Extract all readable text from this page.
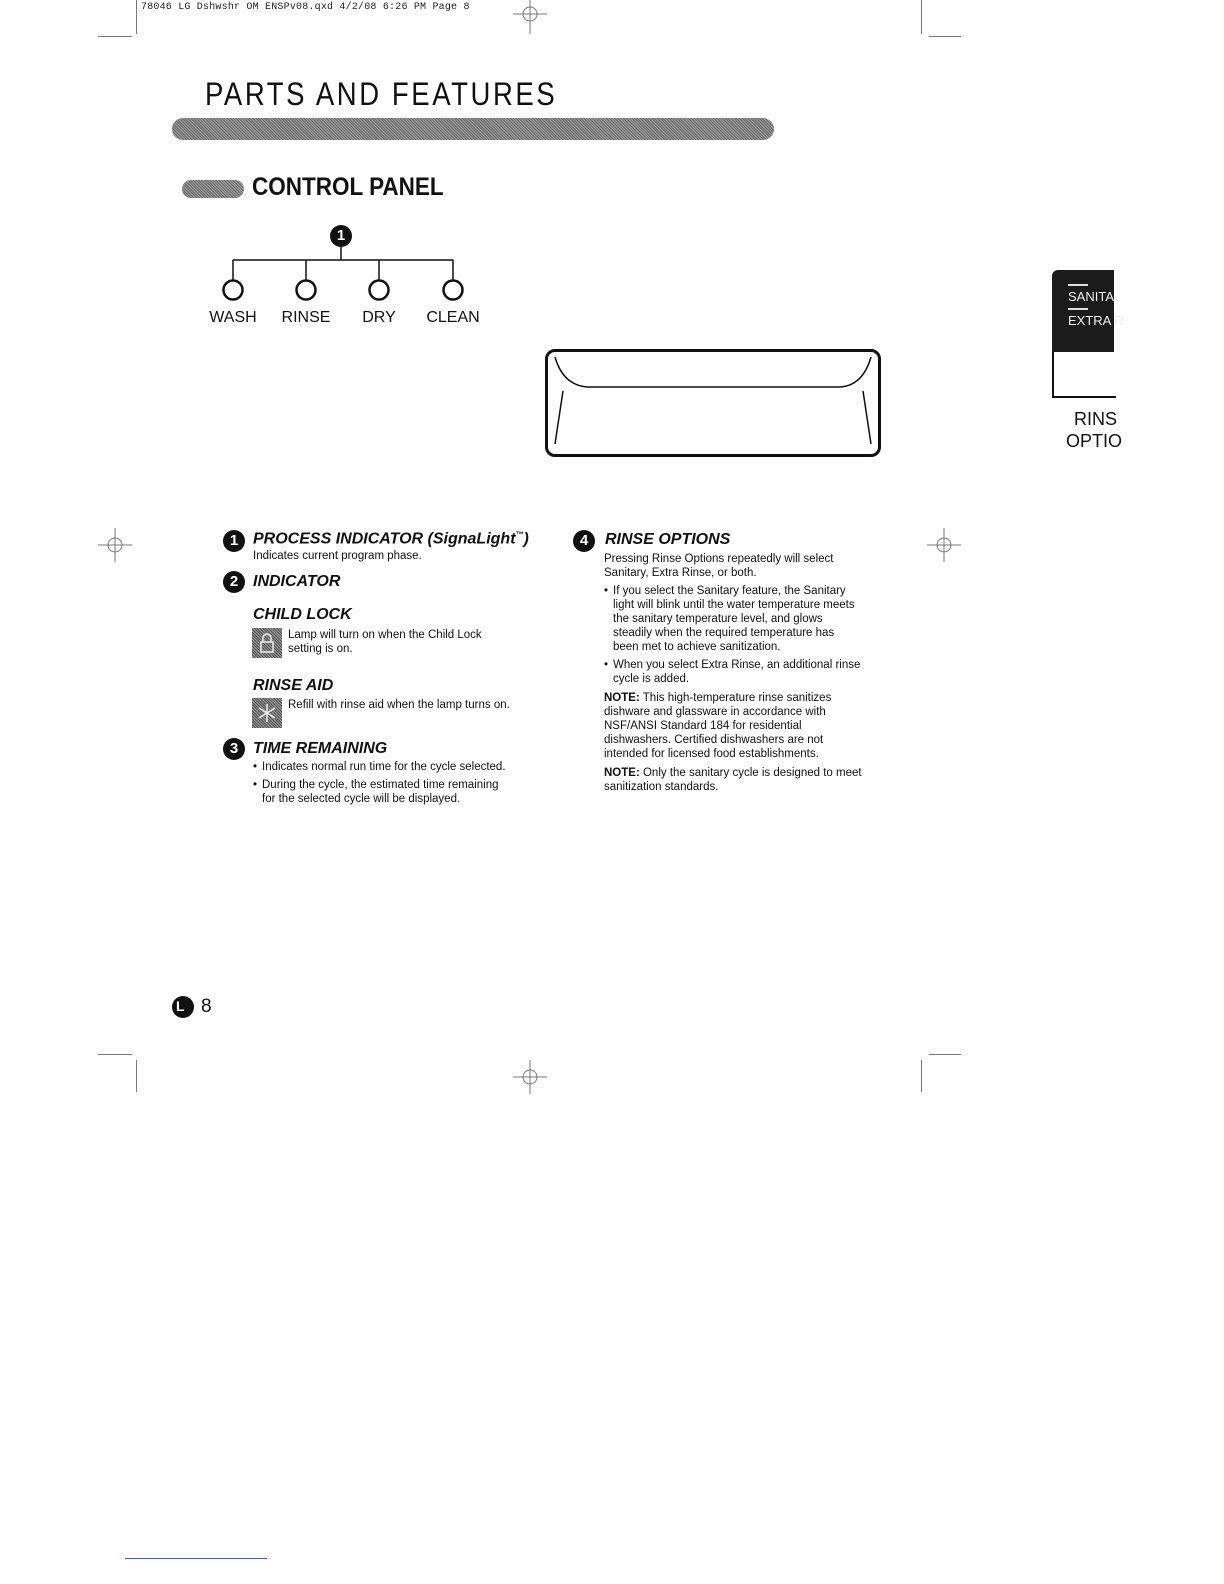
78046 LG Dshwshr OM ENSPv08.qxd 4/2/08 6:26 PM Page 8
PARTS AND FEATURES
CONTROL PANEL
1
WASH	RINSE	DRY	CLEAN
SANITA
EXTRA R
RINS
OPTIO
1 PROCESS INDICATOR (SignaLight™)
Indicates current program phase.
2 INDICATOR
CHILD LOCK
Lamp will turn on when the Child Lock
setting is on.
RINSE AID
Refill with rinse aid when the lamp turns on.
3 TIME REMAINING
• Indicates normal run time for the cycle selected.
• During the cycle, the estimated time remaining
for the selected cycle will be displayed.
4	RINSE OPTIONS
Pressing Rinse Options repeatedly will select
Sanitary, Extra Rinse, or both.
• If you select the Sanitary feature, the Sanitary
light will blink until the water temperature meets
the sanitary temperature level, and glows
steadily when the required temperature has
been met to achieve sanitization.
• When you select Extra Rinse, an additional rinse
cycle is added.
NOTE: This high-temperature rinse sanitizes
dishware and glassware in accordance with
NSF/ANSI Standard 184 for residential
dishwashers. Certified dishwashers are not
intended for licensed food establishments.
NOTE: Only the sanitary cycle is designed to meet
sanitization standards.
L 8
